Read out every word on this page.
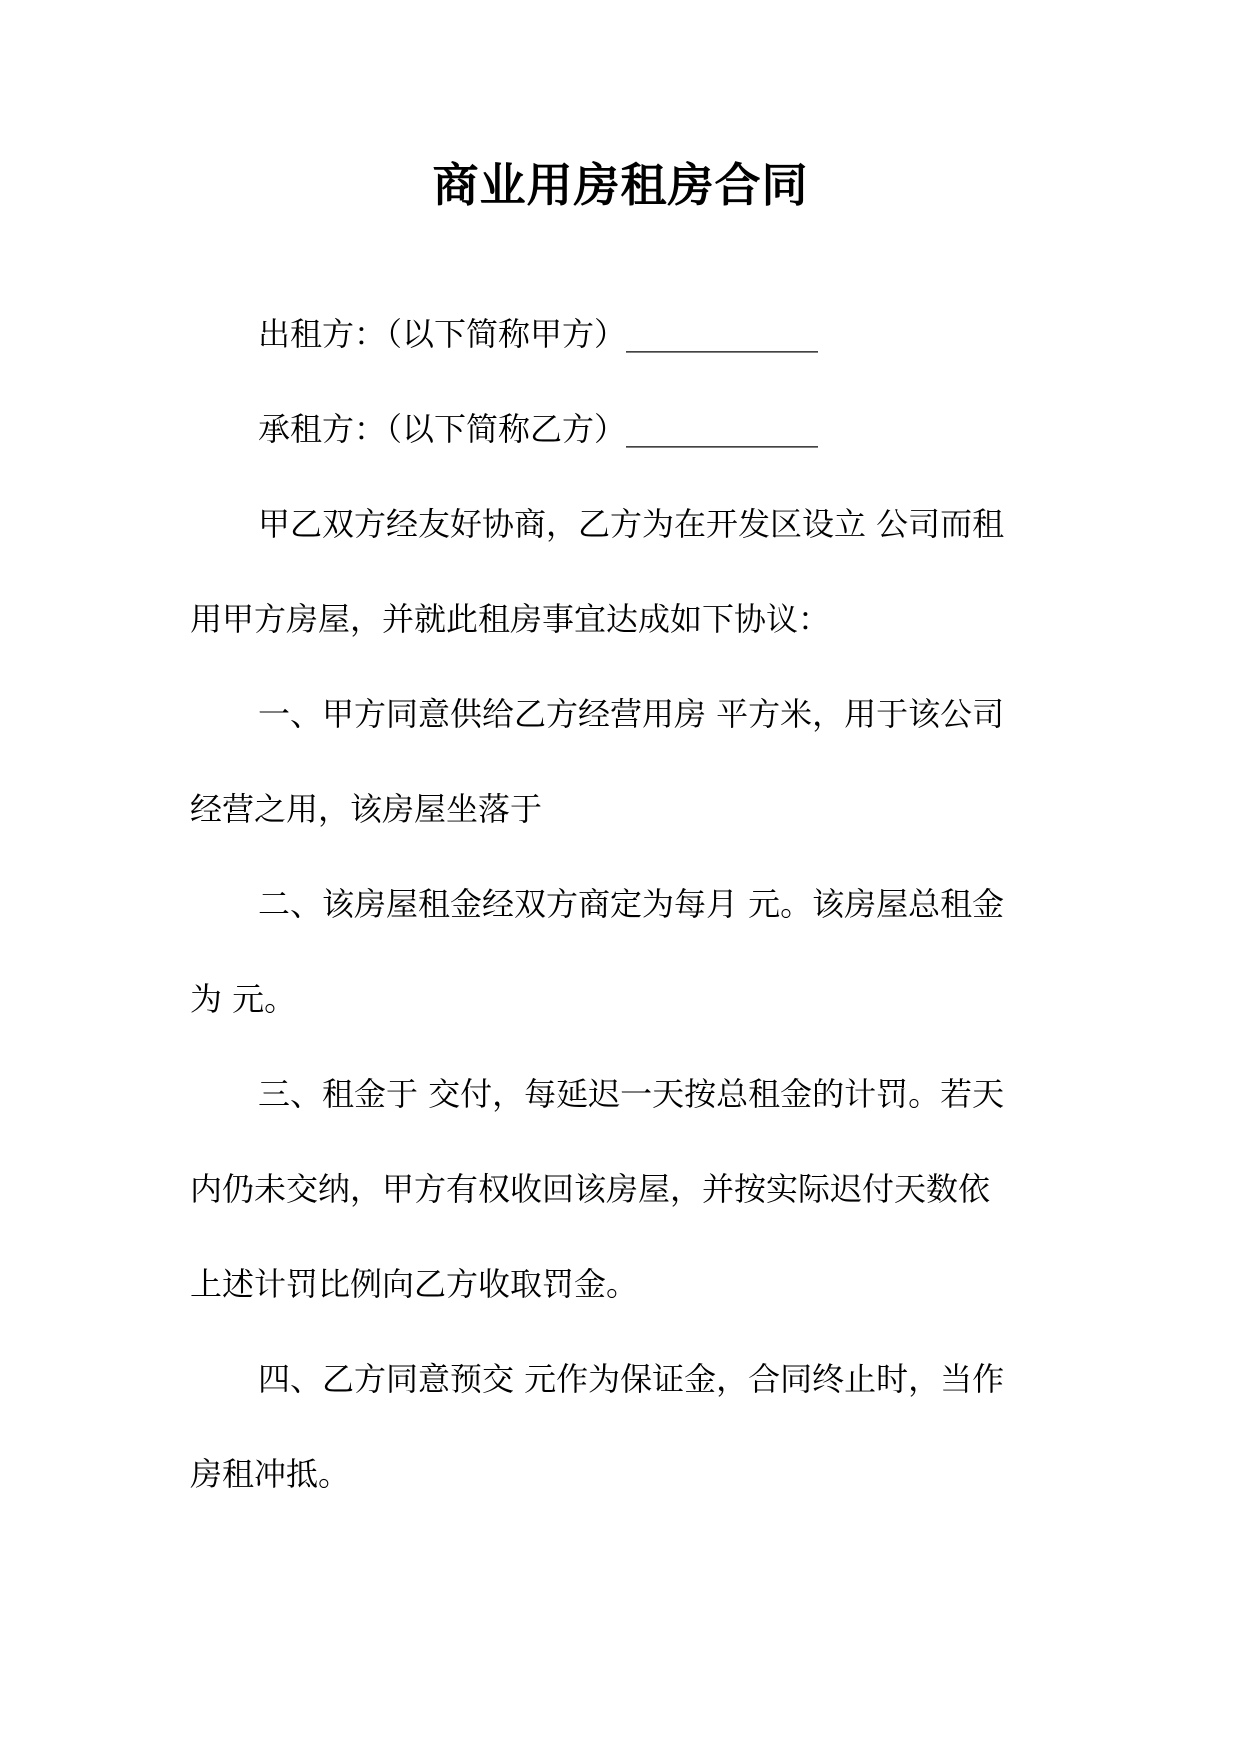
商业用房租房合同
出租方：（以下简称甲方）____________
承租方：（以下简称乙方）____________
甲乙双方经友好协商，乙方为在开发区设立 公司而租
用甲方房屋，并就此租房事宜达成如下协议：
一、甲方同意供给乙方经营用房 平方米，用于该公司
经营之用，该房屋坐落于
二、该房屋租金经双方商定为每月 元。该房屋总租金
为 元。
三、租金于 交付，每延迟一天按总租金的计罚。若天
内仍未交纳，甲方有权收回该房屋，并按实际迟付天数依
上述计罚比例向乙方收取罚金。
四、乙方同意预交 元作为保证金，合同终止时，当作
房租冲抵。
